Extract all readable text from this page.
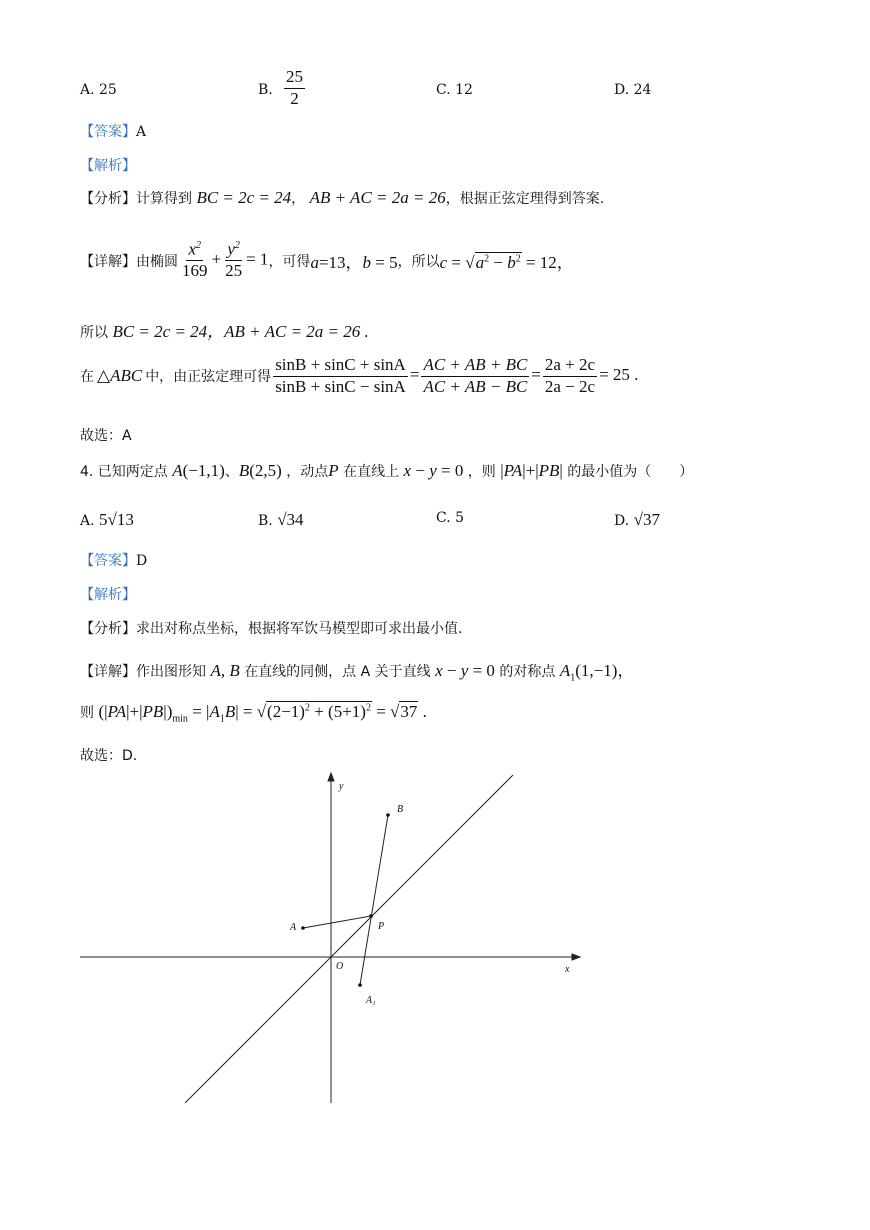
A. 25	B. $\frac{25}{2}$	C. 12	D. 24
【答案】A
【解析】
【分析】计算得到 BC = 2c = 24， AB + AC = 2a = 26，根据正弦定理得到答案.
【详解】 由椭圆 $\frac{x^2}{169} + \frac{y^2}{25} = 1$ ，可得 a=13，b = 5 ，所以 $c = √a^2 - b^2 = 12$，
所以 BC = 2c = 24，AB + AC = 2a = 26 .
在 △ABC 中，由正弦定理可得 $\frac{\sin B + \sin C + \sin A}{\sin B + \sin C - \sin A} = \frac{AC + AB + BC}{AC + AB - BC} = \frac{2a + 2c}{2a - 2c} = 25$ .
故选：A
4. 已知两定点 A(−1,1)、B(2,5) ，动点P 在直线上 x − y = 0 ，则 |PA|+|PB| 的最小值为（　　）
A. 5√13	B. √34	C. 5	D. √37
【答案】D
【解析】
【分析】求出对称点坐标，根据将军饮马模型即可求出最小值.
【详解】作出图形知 A, B 在直线的同侧，点 A 关于直线 x − y = 0 的对称点 $A_1(1,-1)$，
则 $(|PA|+|PB|)_{min} = |A_1B| = √(2-1)^2 + (5+1)^2 = √37$ .
故选：D.
y
x
O
A
B
P
A₁
